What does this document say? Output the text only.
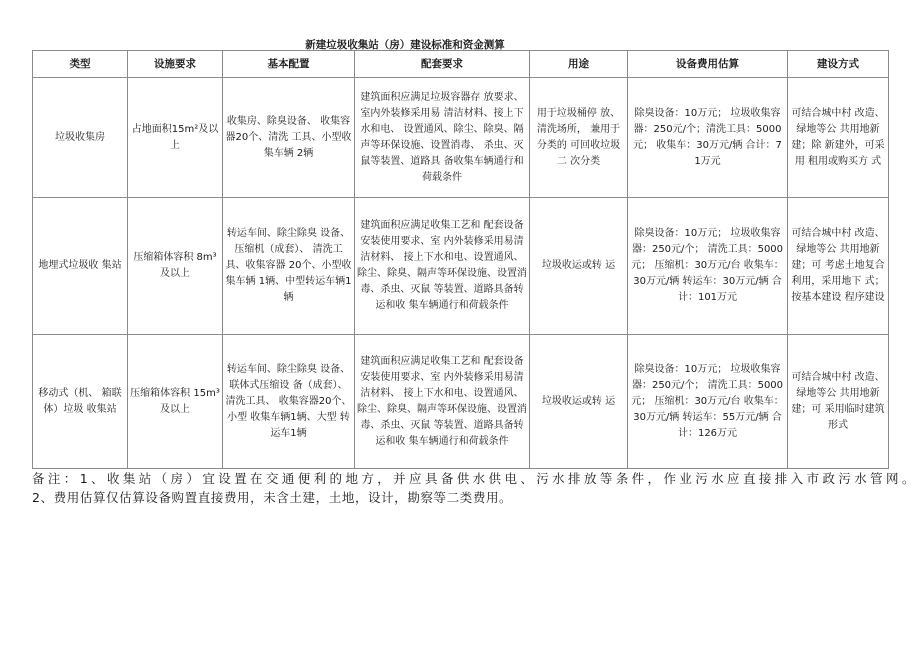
新建垃圾收集站（房）建设标准和资金测算
类型	设施要求	基本配置	配套要求	用途	设备费用估算	建设方式
垃圾收集房	占地面积15m²及以上	收集房、除臭设备、 收集容器20个、清洗 工具、小型收集车辆 2辆	建筑面积应满足垃圾容器存 放要求、室内外装修采用易 清洁材料、接上下水和电、 设置通风、除尘、除臭、隔 声等环保设施、设置消毒、 杀虫、灭鼠等装置、道路具 备收集车辆通行和荷载条件	用于垃圾桶停 放、清洗场所， 兼用于分类的 可回收垃圾二 次分类	除臭设备：10万元； 垃圾收集容器：250元/个；清洗工具：5000元； 收集车：30万元/辆 合计：71万元	可结合城中村 改造、绿地等公 共用地新建；除 新建外，可采用 租用或购买方 式
地埋式垃圾收 集站	压缩箱体容积 8m³及以上	转运车间、除尘除臭 设备、压缩机（成套）、 清洗工具、收集容器 20个、小型收集车辆 1辆、中型转运车辆1 辆	建筑面积应满足收集工艺和 配套设备安装使用要求、室 内外装修采用易清洁材料、 接上下水和电、设置通风、 除尘、除臭、隔声等环保设施、设置消毒、杀虫、灭鼠 等装置、道路具备转运和收 集车辆通行和荷载条件	垃圾收运或转 运	除臭设备：10万元； 垃圾收集容器：250元/个； 清洗工具：5000元； 压缩机：30万元/台 收集车：30万元/辆 转运车：30万元/辆 合计：101万元	可结合城中村 改造、绿地等公 共用地新建；可 考虑土地复合 利用，采用地下 式；按基本建设 程序建设
移动式（机、 箱联体）垃圾 收集站	压缩箱体容积 15m³及以上	转运车间、除尘除臭 设备、联体式压缩设 备（成套）、清洗工具、 收集容器20个、小型 收集车辆1辆、大型 转运车1辆	建筑面积应满足收集工艺和 配套设备安装使用要求、室 内外装修采用易清洁材料、 接上下水和电、设置通风、 除尘、除臭、隔声等环保设施、设置消毒、杀虫、灭鼠 等装置、道路具备转运和收 集车辆通行和荷载条件	垃圾收运或转 运	除臭设备：10万元； 垃圾收集容器：250元/个； 清洗工具：5000元； 压缩机：30万元/台 收集车：30万元/辆 转运车：55万元/辆 合计：126万元	可结合城中村 改造、绿地等公 共用地新建；可 采用临时建筑 形式
备注：1、收集站（房）宜设置在交通便利的地方，并应具备供水供电、污水排放等条件，作业污水应直接排入市政污水管网。
2、费用估算仅估算设备购置直接费用，未含土建，土地，设计，勘察等二类费用。
